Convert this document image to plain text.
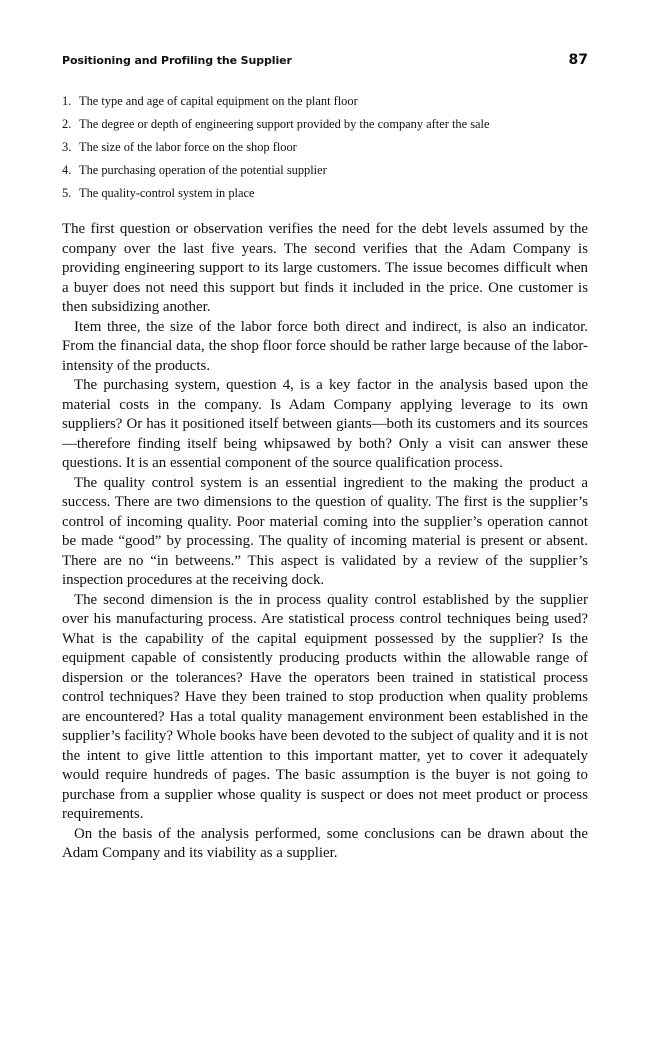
Positioning and Profiling the Supplier	87
1. The type and age of capital equipment on the plant floor
2. The degree or depth of engineering support provided by the company after the sale
3. The size of the labor force on the shop floor
4. The purchasing operation of the potential supplier
5. The quality-control system in place

The first question or observation verifies the need for the debt levels assumed by the company over the last five years. The second verifies that the Adam Company is providing engineering support to its large customers. The issue becomes difficult when a buyer does not need this support but finds it included in the price. One customer is then subsidizing another.

Item three, the size of the labor force both direct and indirect, is also an indicator. From the financial data, the shop floor force should be rather large because of the labor-intensity of the products.

The purchasing system, question 4, is a key factor in the analysis based upon the material costs in the company. Is Adam Company applying leverage to its own suppliers? Or has it positioned itself between giants—both its customers and its sources—therefore finding itself being whipsawed by both? Only a visit can answer these questions. It is an essential component of the source qualification process.

The quality control system is an essential ingredient to the making the product a success. There are two dimensions to the question of quality. The first is the supplier’s control of incoming quality. Poor material coming into the supplier’s operation cannot be made “good” by processing. The quality of incoming material is present or absent. There are no “in betweens.” This aspect is validated by a review of the supplier’s inspection procedures at the receiving dock.

The second dimension is the in process quality control established by the supplier over his manufacturing process. Are statistical process control techniques being used? What is the capability of the capital equipment possessed by the supplier? Is the equipment capable of consistently producing products within the allowable range of dispersion or the tolerances? Have the operators been trained in statistical process control techniques? Have they been trained to stop production when quality problems are encountered? Has a total quality management environment been established in the supplier’s facility? Whole books have been devoted to the subject of quality and it is not the intent to give little attention to this important matter, yet to cover it adequately would require hundreds of pages. The basic assumption is the buyer is not going to purchase from a supplier whose quality is suspect or does not meet product or process requirements.

On the basis of the analysis performed, some conclusions can be drawn about the Adam Company and its viability as a supplier.
